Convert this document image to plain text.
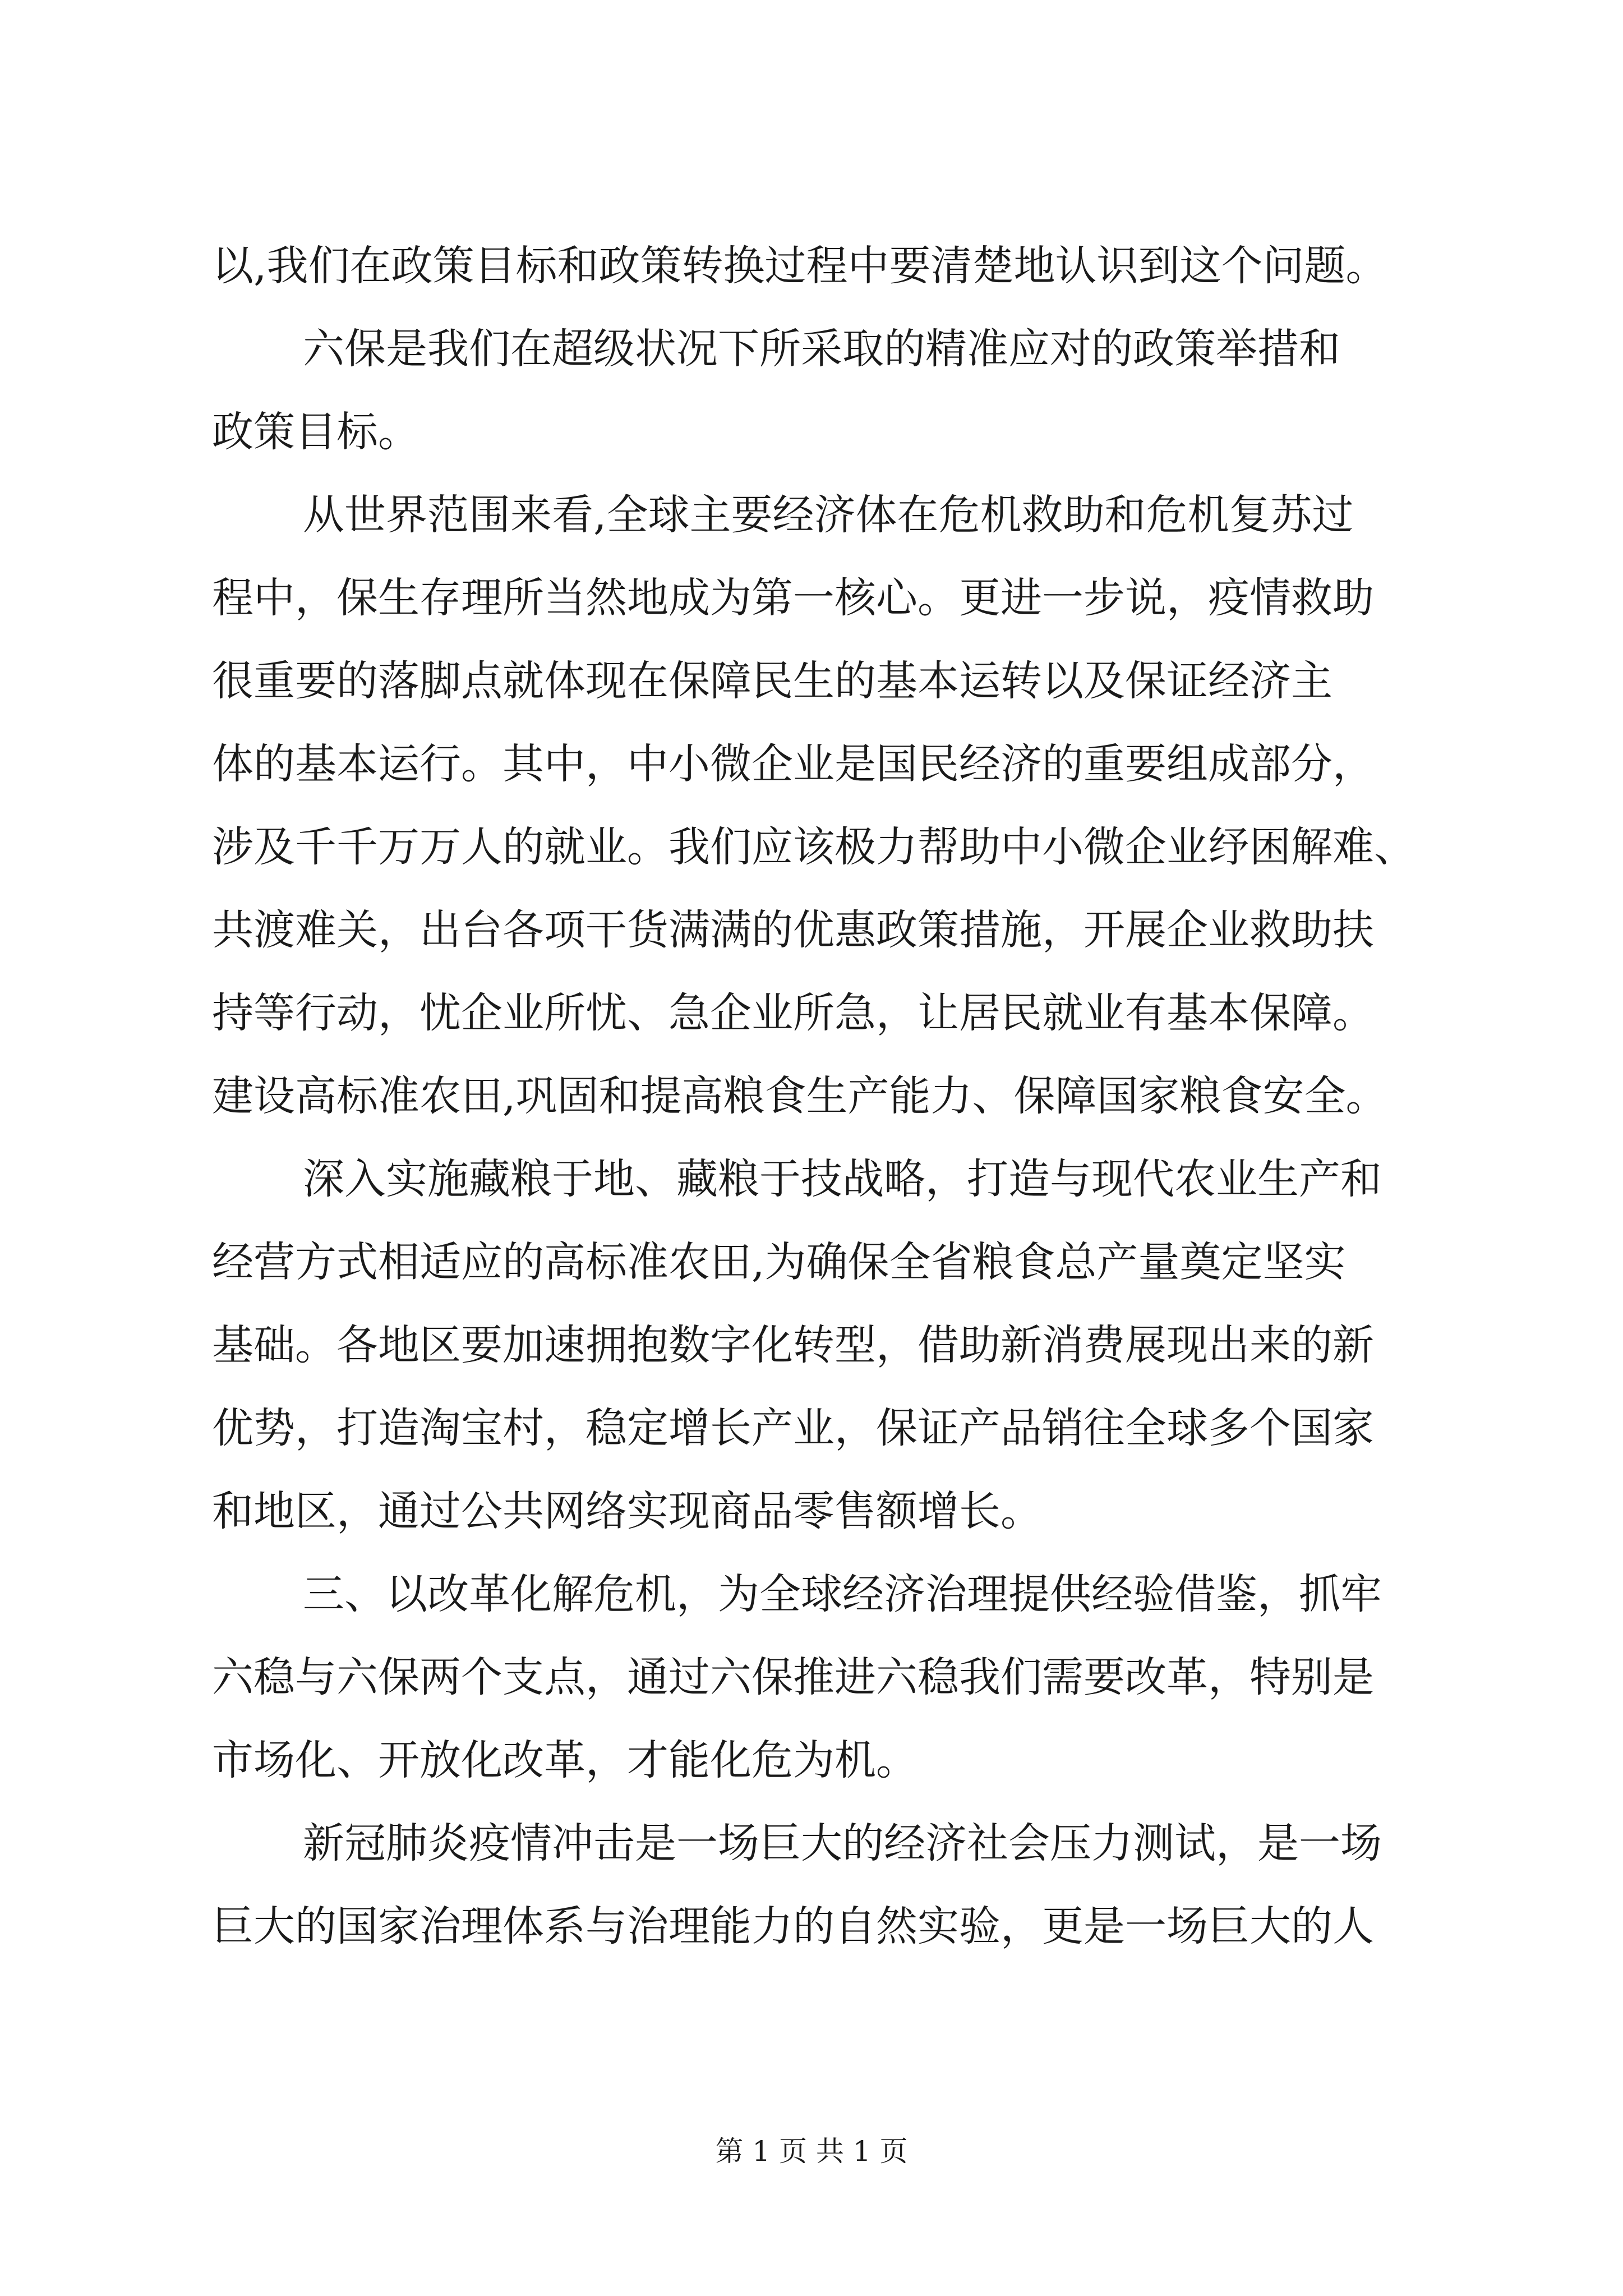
以,我们在政策目标和政策转换过程中要清楚地认识到这个问题。
六保是我们在超级状况下所采取的精准应对的政策举措和
政策目标。
从世界范围来看,全球主要经济体在危机救助和危机复苏过
程中，保生存理所当然地成为第一核心。更进一步说，疫情救助
很重要的落脚点就体现在保障民生的基本运转以及保证经济主
体的基本运行。其中，中小微企业是国民经济的重要组成部分，
涉及千千万万人的就业。我们应该极力帮助中小微企业纾困解难、
共渡难关，出台各项干货满满的优惠政策措施，开展企业救助扶
持等行动，忧企业所忧、急企业所急，让居民就业有基本保障。
建设高标准农田,巩固和提高粮食生产能力、保障国家粮食安全。
深入实施藏粮于地、藏粮于技战略，打造与现代农业生产和
经营方式相适应的高标准农田,为确保全省粮食总产量奠定坚实
基础。各地区要加速拥抱数字化转型，借助新消费展现出来的新
优势，打造淘宝村，稳定增长产业，保证产品销往全球多个国家
和地区，通过公共网络实现商品零售额增长。
三、以改革化解危机，为全球经济治理提供经验借鉴，抓牢
六稳与六保两个支点，通过六保推进六稳我们需要改革，特别是
市场化、开放化改革，才能化危为机。
新冠肺炎疫情冲击是一场巨大的经济社会压力测试，是一场
巨大的国家治理体系与治理能力的自然实验，更是一场巨大的人
第 1 页 共 1 页
